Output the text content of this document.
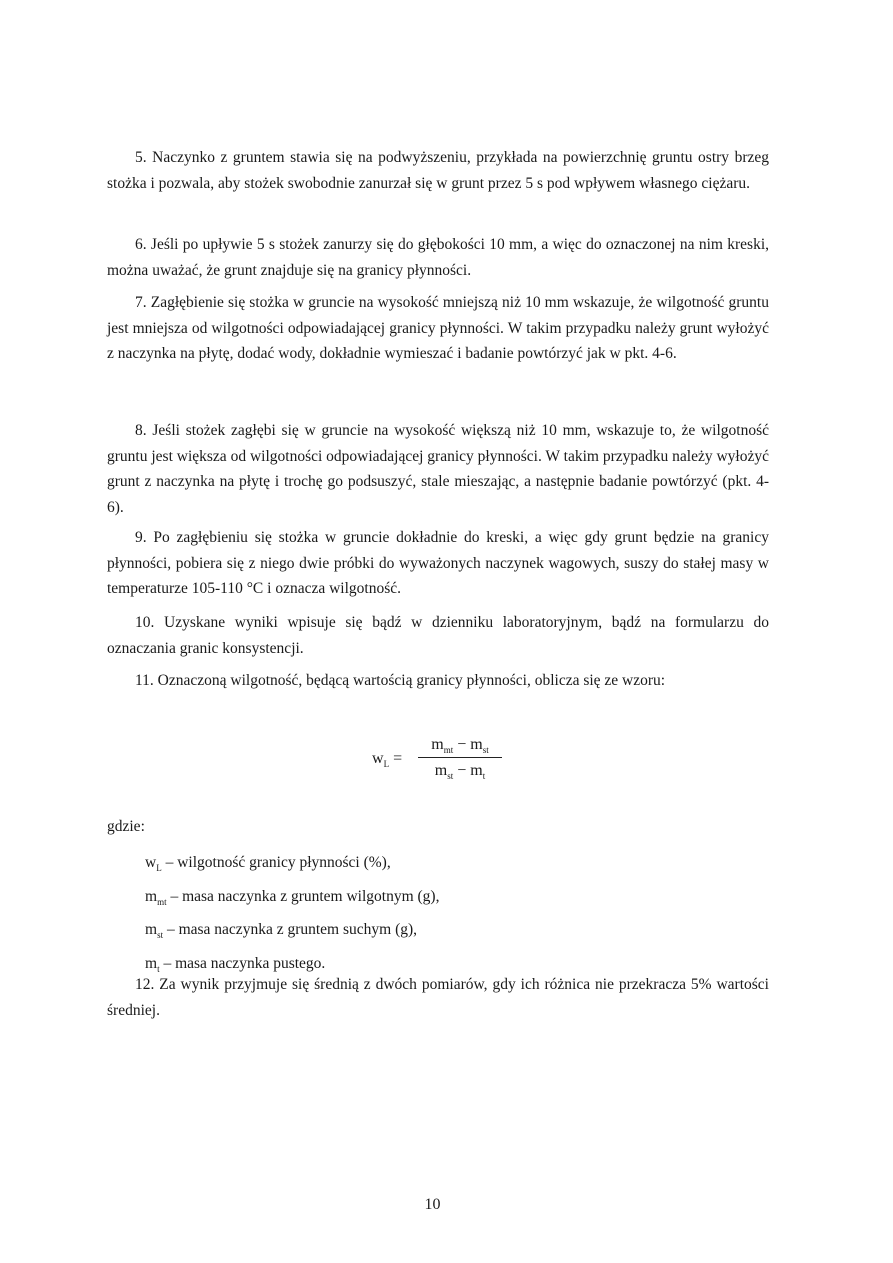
5. Naczynko z gruntem stawia się na podwyższeniu, przykłada na powierzchnię gruntu ostry brzeg stożka i pozwala, aby stożek swobodnie zanurzał się w grunt przez 5 s pod wpływem własnego ciężaru.

6. Jeśli po upływie 5 s stożek zanurzy się do głębokości 10 mm, a więc do oznaczonej na nim kreski, można uważać, że grunt znajduje się na granicy płynności.

7. Zagłębienie się stożka w gruncie na wysokość mniejszą niż 10 mm wskazuje, że wilgotność gruntu jest mniejsza od wilgotności odpowiadającej granicy płynności. W takim przypadku należy grunt wyłożyć z naczynka na płytę, dodać wody, dokładnie wymieszać i badanie powtórzyć jak w pkt. 4-6.

8. Jeśli stożek zagłębi się w gruncie na wysokość większą niż 10 mm, wskazuje to, że wilgotność gruntu jest większa od wilgotności odpowiadającej granicy płynności. W takim przypadku należy wyłożyć grunt z naczynka na płytę i trochę go podsuszyć, stale mieszając, a następnie badanie powtórzyć (pkt. 4-6).

9. Po zagłębieniu się stożka w gruncie dokładnie do kreski, a więc gdy grunt będzie na granicy płynności, pobiera się z niego dwie próbki do wyważonych naczynek wagowych, suszy do stałej masy w temperaturze 105-110 °C i oznacza wilgotność.

10. Uzyskane wyniki wpisuje się bądź w dzienniku laboratoryjnym, bądź na formularzu do oznaczania granic konsystencji.

11. Oznaczoną wilgotność, będącą wartością granicy płynności, oblicza się ze wzoru:

$w_L$ =
$m_{mt} - m_{st}$
$m_{st} - m_t$
gdzie:
$w_L$ – wilgotność granicy płynności (%),
$m_{mt}$ – masa naczynka z gruntem wilgotnym (g),
$m_{st}$ – masa naczynka z gruntem suchym (g),
$m_t$ – masa naczynka pustego.

12. Za wynik przyjmuje się średnią z dwóch pomiarów, gdy ich różnica nie przekracza 5% wartości średniej.

10
